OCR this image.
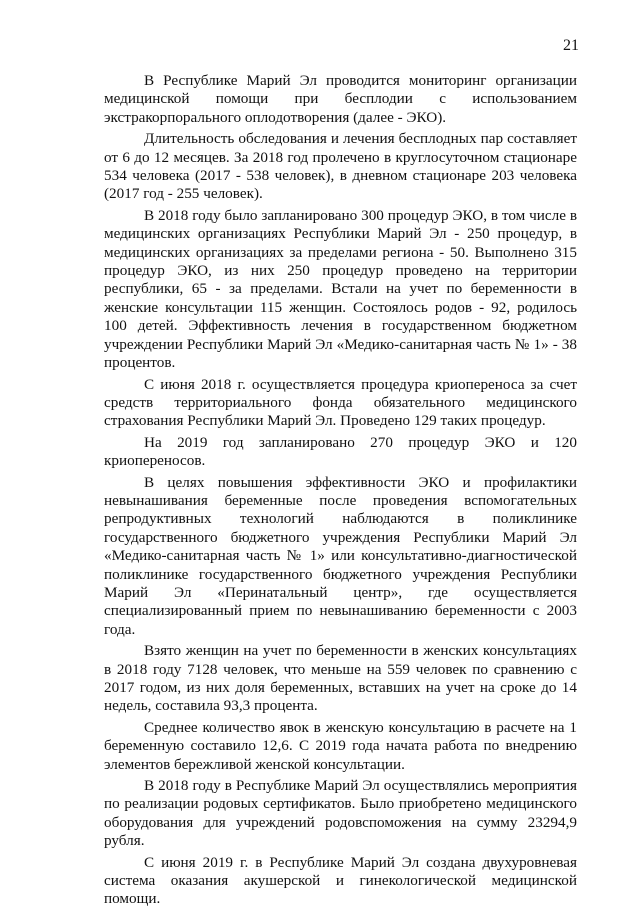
21

В Республике Марий Эл проводится мониторинг организации медицинской помощи при бесплодии с использованием экстракорпорального оплодотворения (далее - ЭКО).

Длительность обследования и лечения бесплодных пар составляет от 6 до 12 месяцев. За 2018 год пролечено в круглосуточном стационаре 534 человека (2017 - 538 человек), в дневном стационаре 203 человека (2017 год - 255 человек).

В 2018 году было запланировано 300 процедур ЭКО, в том числе в медицинских организациях Республики Марий Эл - 250 процедур, в медицинских организациях за пределами региона - 50. Выполнено 315 процедур ЭКО, из них 250 процедур проведено на территории республики, 65 - за пределами. Встали на учет по беременности в женские консультации 115 женщин. Состоялось родов - 92, родилось 100 детей. Эффективность лечения в государственном бюджетном учреждении Республики Марий Эл «Медико-санитарная часть № 1» - 38 процентов.

С июня 2018 г. осуществляется процедура криопереноса за счет средств территориального фонда обязательного медицинского страхования Республики Марий Эл. Проведено 129 таких процедур.

На 2019 год запланировано 270 процедур ЭКО и 120 криопереносов.

В целях повышения эффективности ЭКО и профилактики невынашивания беременные после проведения вспомогательных репродуктивных технологий наблюдаются в поликлинике государственного бюджетного учреждения Республики Марий Эл «Медико-санитарная часть № 1» или консультативно-диагностической поликлинике государственного бюджетного учреждения Республики Марий Эл «Перинатальный центр», где осуществляется специализированный прием по невынашиванию беременности с 2003 года.

Взято женщин на учет по беременности в женских консультациях в 2018 году 7128 человек, что меньше на 559 человек по сравнению с 2017 годом, из них доля беременных, вставших на учет на сроке до 14 недель, составила 93,3 процента.

Среднее количество явок в женскую консультацию в расчете на 1 беременную составило 12,6. С 2019 года начата работа по внедрению элементов бережливой женской консультации.

В 2018 году в Республике Марий Эл осуществлялись мероприятия по реализации родовых сертификатов. Было приобретено медицинского оборудования для учреждений родовспоможения на сумму 23294,9 рубля.

С июня 2019 г. в Республике Марий Эл создана двухуровневая система оказания акушерской и гинекологической медицинской помощи.
